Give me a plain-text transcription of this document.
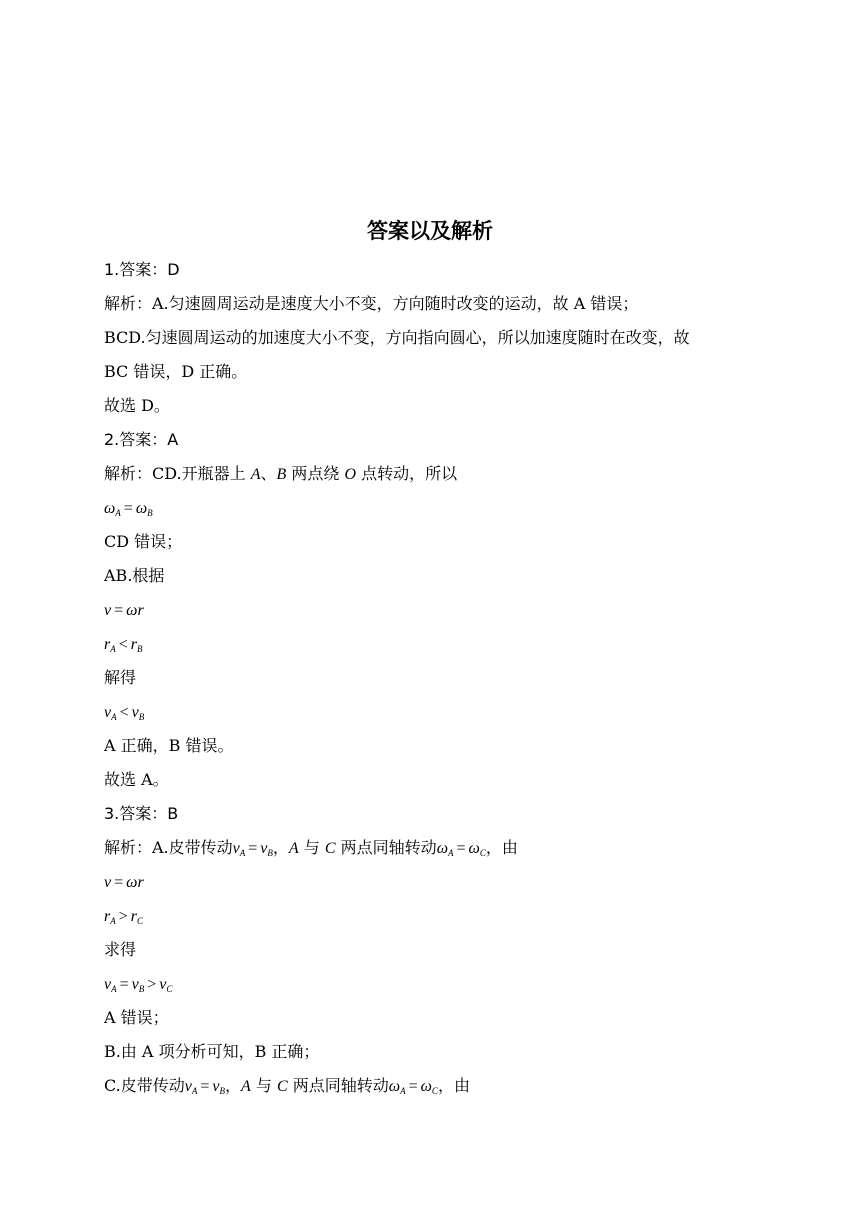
答案以及解析
1.答案：D
解析：A.匀速圆周运动是速度大小不变，方向随时改变的运动，故 A 错误；
BCD.匀速圆周运动的加速度大小不变，方向指向圆心，所以加速度随时在改变，故
BC 错误，D 正确。
故选 D。
2.答案：A
解析：CD.开瓶器上 A、B 两点绕 O 点转动，所以
$\omega_A = \omega_B$
CD 错误；
AB.根据
v = ωr
$r_A < r_B$
解得
$v_A < v_B$
A 正确，B 错误。
故选 A。
3.答案：B
解析：A.皮带传动$v_A = v_B$，A 与 C 两点同轴转动$\omega_A = \omega_C$，由
v = ωr
$r_A > r_C$
求得
$v_A = v_B > v_C$
A 错误；
B.由 A 项分析可知，B 正确；
C.皮带传动$v_A = v_B$，A 与 C 两点同轴转动$\omega_A = \omega_C$，由
